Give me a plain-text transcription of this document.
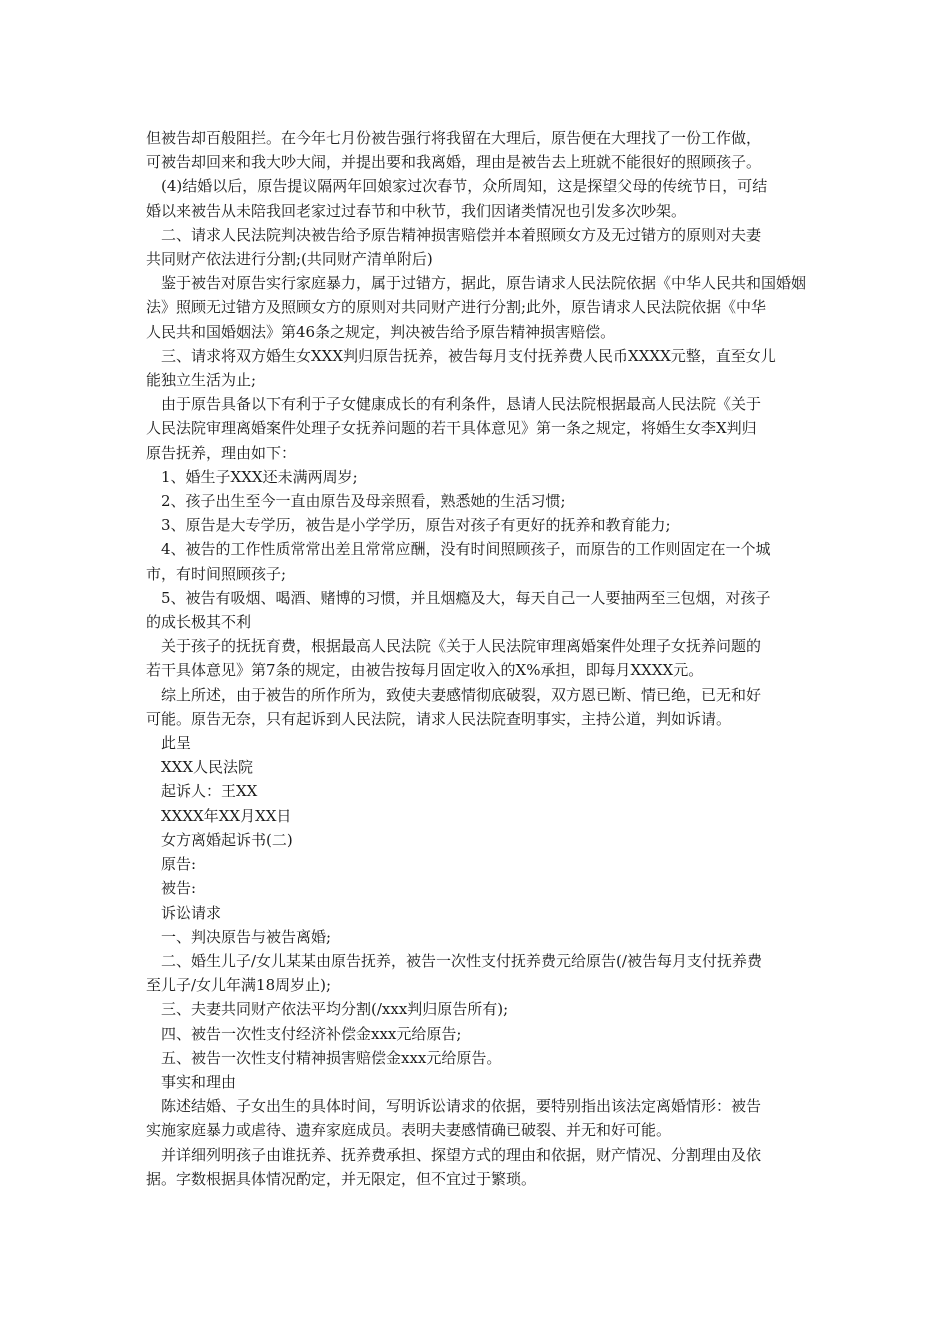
但被告却百般阻拦。在今年七月份被告强行将我留在大理后，原告便在大理找了一份工作做，

可被告却回来和我大吵大闹，并提出要和我离婚，理由是被告去上班就不能很好的照顾孩子。

(4)结婚以后，原告提议隔两年回娘家过次春节，众所周知，这是探望父母的传统节日，可结

婚以来被告从未陪我回老家过过春节和中秋节，我们因诸类情况也引发多次吵架。

二、请求人民法院判决被告给予原告精神损害赔偿并本着照顾女方及无过错方的原则对夫妻

共同财产依法进行分割;(共同财产清单附后)

鉴于被告对原告实行家庭暴力，属于过错方，据此，原告请求人民法院依据《中华人民共和国婚姻

法》照顾无过错方及照顾女方的原则对共同财产进行分割;此外，原告请求人民法院依据《中华

人民共和国婚姻法》第46条之规定，判决被告给予原告精神损害赔偿。

三、请求将双方婚生女XXX判归原告抚养，被告每月支付抚养费人民币XXXX元整，直至女儿

能独立生活为止;

由于原告具备以下有利于子女健康成长的有利条件，恳请人民法院根据最高人民法院《关于

人民法院审理离婚案件处理子女抚养问题的若干具体意见》第一条之规定，将婚生女李X判归

原告抚养，理由如下：

1、婚生子XXX还未满两周岁;

2、孩子出生至今一直由原告及母亲照看，熟悉她的生活习惯;

3、原告是大专学历，被告是小学学历，原告对孩子有更好的抚养和教育能力;

4、被告的工作性质常常出差且常常应酬，没有时间照顾孩子，而原告的工作则固定在一个城

市，有时间照顾孩子;

5、被告有吸烟、喝酒、赌博的习惯，并且烟瘾及大，每天自己一人要抽两至三包烟，对孩子

的成长极其不利

关于孩子的抚抚育费，根据最高人民法院《关于人民法院审理离婚案件处理子女抚养问题的

若干具体意见》第7条的规定，由被告按每月固定收入的X%承担，即每月XXXX元。

综上所述，由于被告的所作所为，致使夫妻感情彻底破裂，双方恩已断、情已绝，已无和好

可能。原告无奈，只有起诉到人民法院，请求人民法院查明事实，主持公道，判如诉请。

此呈

XXX人民法院

起诉人：王XX

XXXX年XX月XX日

女方离婚起诉书(二)

原告:

被告:

诉讼请求

一、判决原告与被告离婚;

二、婚生儿子/女儿某某由原告抚养，被告一次性支付抚养费元给原告(/被告每月支付抚养费

至儿子/女儿年满18周岁止);

三、夫妻共同财产依法平均分割(/xxx判归原告所有);

四、被告一次性支付经济补偿金xxx元给原告;

五、被告一次性支付精神损害赔偿金xxx元给原告。

事实和理由

陈述结婚、子女出生的具体时间，写明诉讼请求的依据，要特别指出该法定离婚情形：被告

实施家庭暴力或虐待、遗弃家庭成员。表明夫妻感情确已破裂、并无和好可能。

并详细列明孩子由谁抚养、抚养费承担、探望方式的理由和依据，财产情况、分割理由及依

据。字数根据具体情况酌定，并无限定，但不宜过于繁琐。
